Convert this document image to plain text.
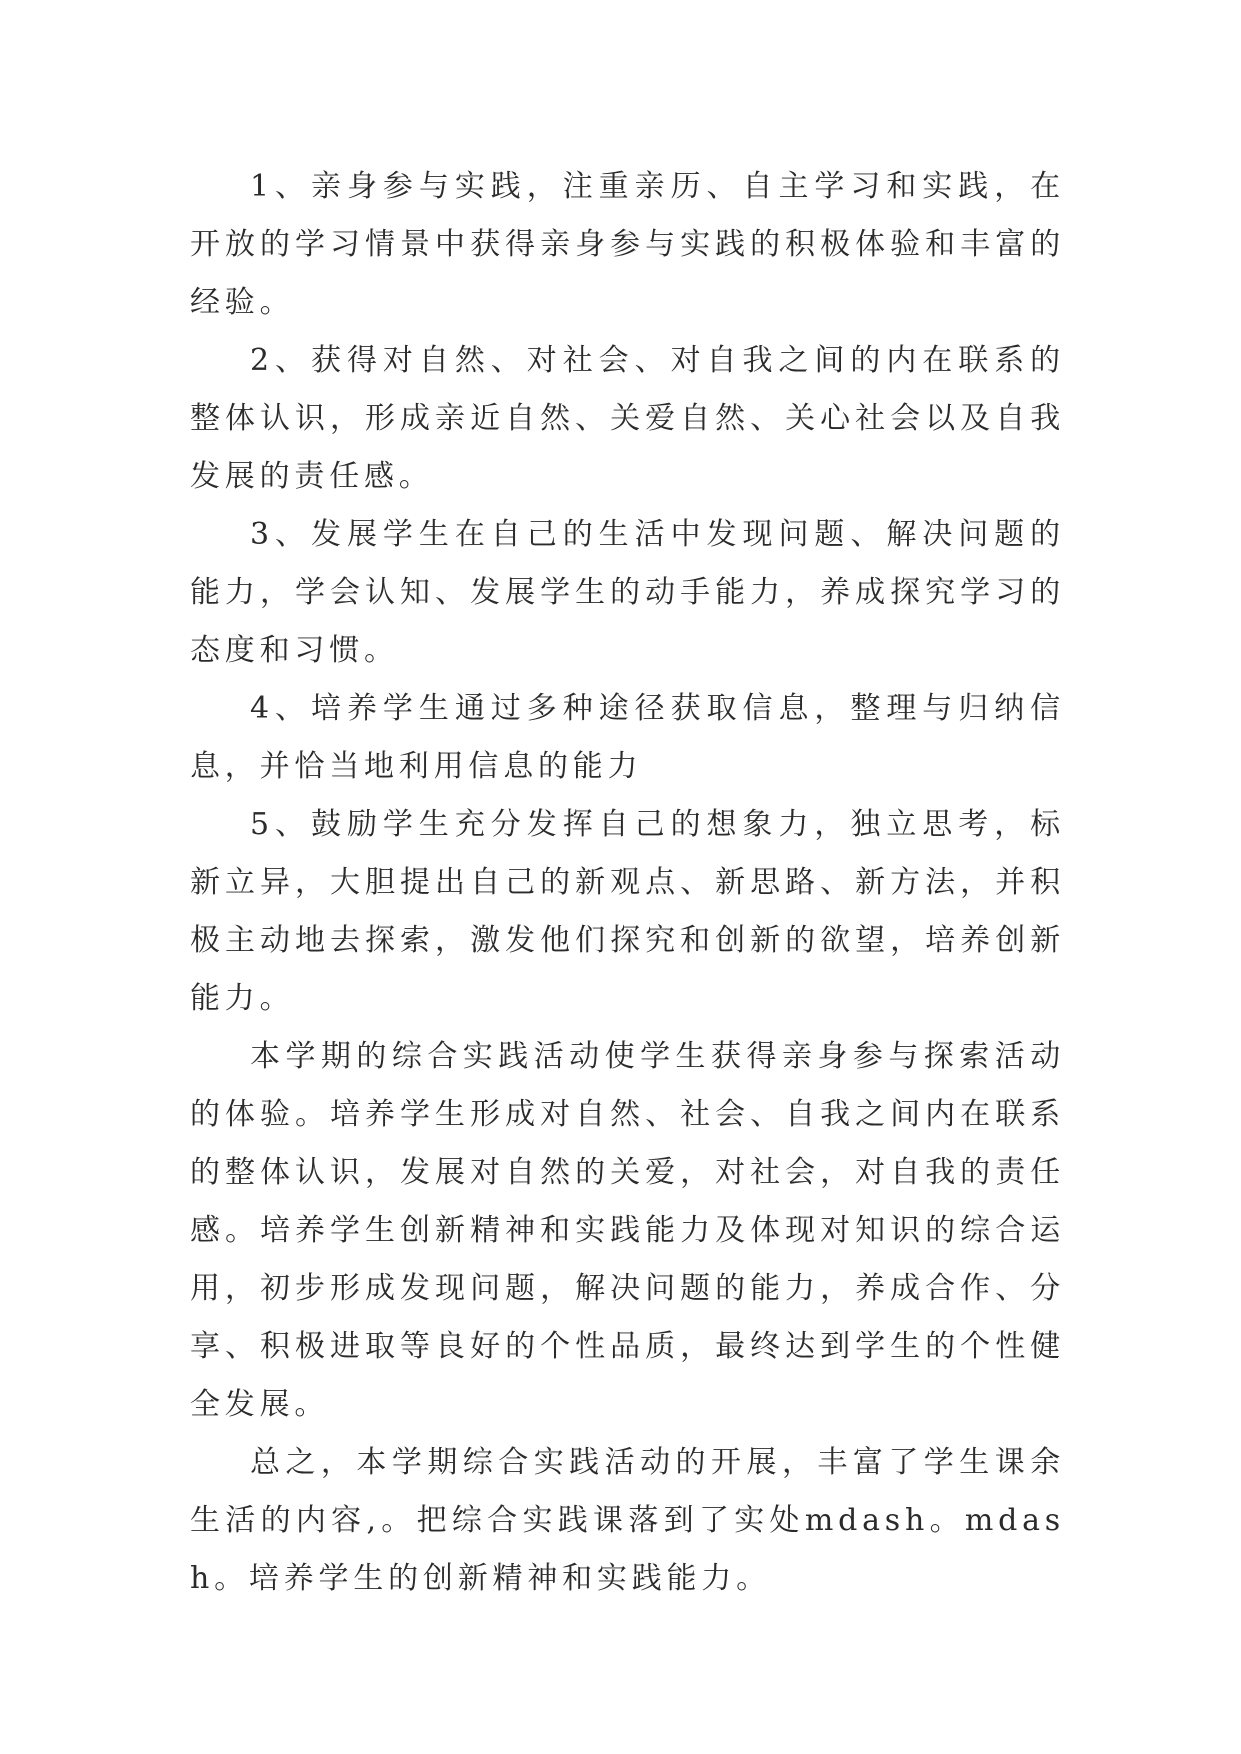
1、亲身参与实践，注重亲历、自主学习和实践，在开放的学习情景中获得亲身参与实践的积极体验和丰富的经验。

2、获得对自然、对社会、对自我之间的内在联系的整体认识，形成亲近自然、关爱自然、关心社会以及自我发展的责任感。

3、发展学生在自己的生活中发现问题、解决问题的能力，学会认知、发展学生的动手能力，养成探究学习的态度和习惯。

4、培养学生通过多种途径获取信息，整理与归纳信息，并恰当地利用信息的能力

5、鼓励学生充分发挥自己的想象力，独立思考，标新立异，大胆提出自己的新观点、新思路、新方法，并积极主动地去探索，激发他们探究和创新的欲望，培养创新能力。

本学期的综合实践活动使学生获得亲身参与探索活动的体验。培养学生形成对自然、社会、自我之间内在联系的整体认识，发展对自然的关爱，对社会，对自我的责任感。培养学生创新精神和实践能力及体现对知识的综合运用，初步形成发现问题，解决问题的能力，养成合作、分享、积极进取等良好的个性品质，最终达到学生的个性健全发展。

总之，本学期综合实践活动的开展，丰富了学生课余生活的内容,。把综合实践课落到了实处mdash。mdash。培养学生的创新精神和实践能力。
